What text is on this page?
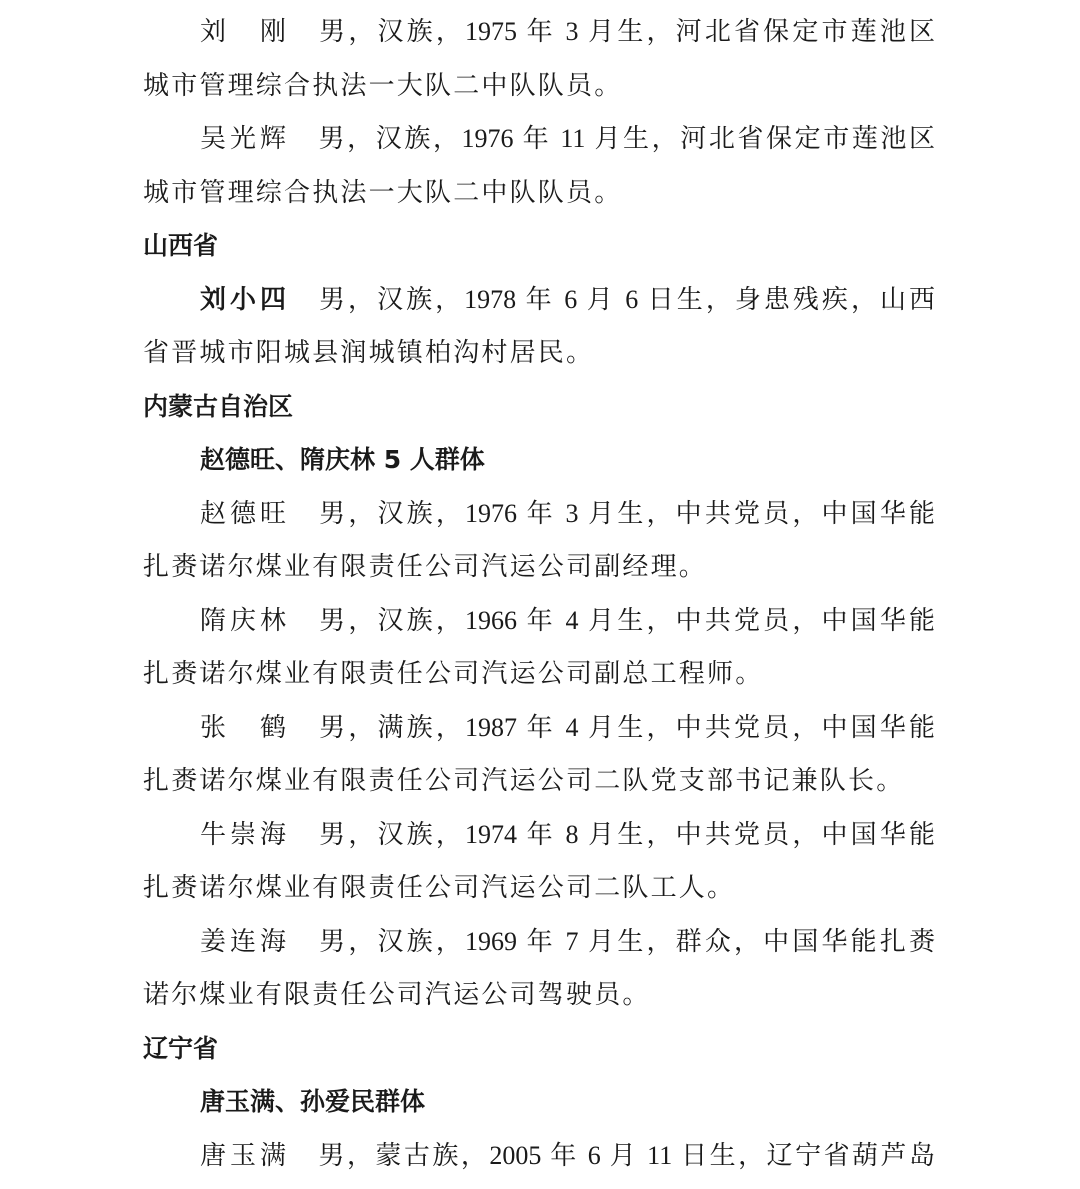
刘刚 男，汉族，1975 年 3 月生，河北省保定市莲池区
城市管理综合执法一大队二中队队员。
吴光辉 男，汉族，1976 年 11 月生，河北省保定市莲池区
城市管理综合执法一大队二中队队员。
山西省
刘小四 男，汉族，1978 年 6 月 6 日生，身患残疾，山西
省晋城市阳城县润城镇柏沟村居民。
内蒙古自治区
赵德旺、隋庆林 5 人群体
赵德旺 男，汉族，1976 年 3 月生，中共党员，中国华能
扎赉诺尔煤业有限责任公司汽运公司副经理。
隋庆林 男，汉族，1966 年 4 月生，中共党员，中国华能
扎赉诺尔煤业有限责任公司汽运公司副总工程师。
张鹤 男，满族，1987 年 4 月生，中共党员，中国华能
扎赉诺尔煤业有限责任公司汽运公司二队党支部书记兼队长。
牛崇海 男，汉族，1974 年 8 月生，中共党员，中国华能
扎赉诺尔煤业有限责任公司汽运公司二队工人。
姜连海 男，汉族，1969 年 7 月生，群众，中国华能扎赉
诺尔煤业有限责任公司汽运公司驾驶员。
辽宁省
唐玉满、孙爱民群体
唐玉满 男，蒙古族，2005 年 6 月 11 日生，辽宁省葫芦岛
